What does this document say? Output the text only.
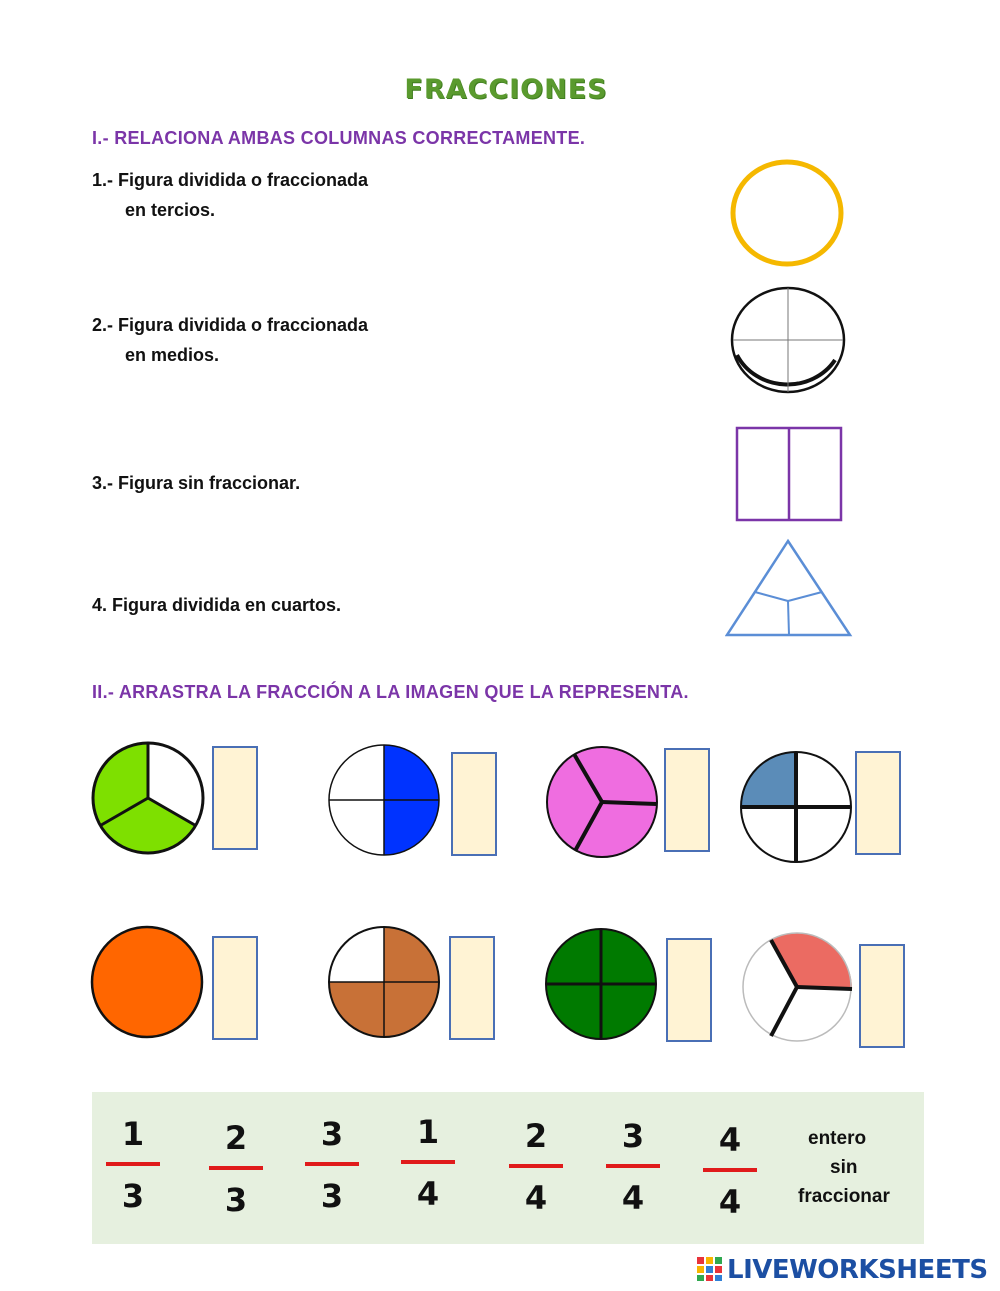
FRACCIONES
I.- RELACIONA AMBAS COLUMNAS CORRECTAMENTE.
1.- Figura dividida o fraccionada
en tercios.
2.- Figura dividida o fraccionada
en medios.
3.- Figura sin fraccionar.
4. Figura dividida en cuartos.
II.- ARRASTRA LA FRACCIÓN A LA IMAGEN QUE LA REPRESENTA.
1
3
2
3
3
3
1
4
2
4
3
4
4
4
entero
sin
fraccionar
LIVEWORKSHEETS
